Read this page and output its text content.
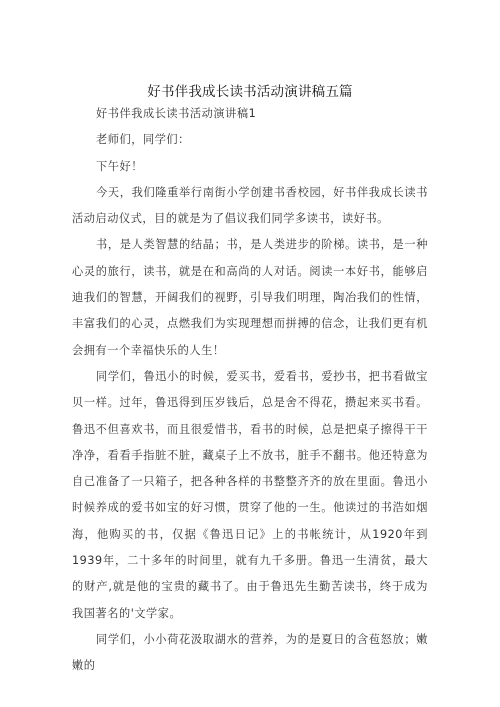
好书伴我成长读书活动演讲稿五篇

好书伴我成长读书活动演讲稿1

老师们，同学们：

下午好！

今天，我们隆重举行南街小学创建书香校园，好书伴我成长读书活动启动仪式，目的就是为了倡议我们同学多读书，读好书。

书，是人类智慧的结晶；书，是人类进步的阶梯。读书，是一种心灵的旅行，读书，就是在和高尚的人对话。阅读一本好书，能够启迪我们的智慧，开阔我们的视野，引导我们明理，陶冶我们的性情，丰富我们的心灵，点燃我们为实现理想而拼搏的信念，让我们更有机会拥有一个幸福快乐的人生！

同学们，鲁迅小的时候，爱买书，爱看书，爱抄书，把书看做宝贝一样。过年，鲁迅得到压岁钱后，总是舍不得花，攒起来买书看。鲁迅不但喜欢书，而且很爱惜书，看书的时候，总是把桌子擦得干干净净，看看手指脏不脏，藏桌子上不放书，脏手不翻书。他还特意为自己准备了一只箱子，把各种各样的书整整齐齐的放在里面。鲁迅小时候养成的爱书如宝的好习惯，贯穿了他的一生。他读过的书浩如烟海，他购买的书，仅据《鲁迅日记》上的书帐统计，从1920年到1939年，二十多年的时间里，就有九千多册。鲁迅一生清贫，最大的财产,就是他的宝贵的藏书了。由于鲁迅先生勤苦读书，终于成为我国著名的'文学家。

同学们，小小荷花汲取湖水的营养，为的是夏日的含苞怒放；嫩嫩的
